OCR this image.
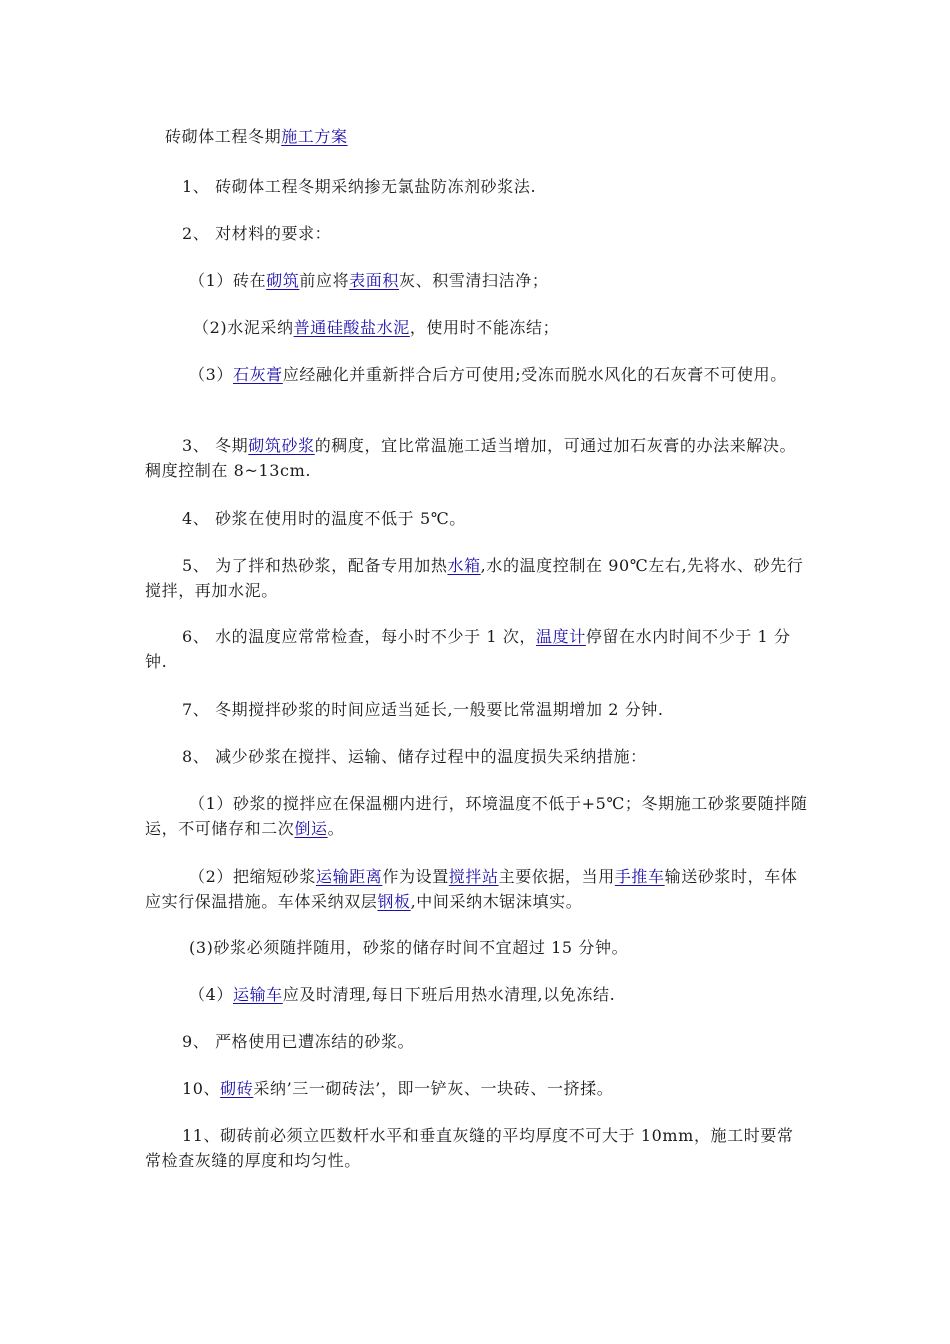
砖砌体工程冬期施工方案

1、 砖砌体工程冬期采纳掺无氯盐防冻剂砂浆法.

2、 对材料的要求：

（1）砖在砌筑前应将表面积灰、积雪清扫洁净；

（2)水泥采纳普通硅酸盐水泥，使用时不能冻结；

（3）石灰膏应经融化并重新拌合后方可使用;受冻而脱水风化的石灰膏不可使用。

3、 冬期砌筑砂浆的稠度，宜比常温施工适当增加，可通过加石灰膏的办法来解决。稠度控制在 8~13cm.

4、 砂浆在使用时的温度不低于 5℃。

5、 为了拌和热砂浆，配备专用加热水箱,水的温度控制在 90℃左右,先将水、砂先行搅拌，再加水泥。

6、 水的温度应常常检查，每小时不少于 1 次，温度计停留在水内时间不少于 1 分钟.

7、 冬期搅拌砂浆的时间应适当延长,一般要比常温期增加 2 分钟.

8、 减少砂浆在搅拌、运输、储存过程中的温度损失采纳措施：

（1）砂浆的搅拌应在保温棚内进行，环境温度不低于+5℃；冬期施工砂浆要随拌随运，不可储存和二次倒运。

（2）把缩短砂浆运输距离作为设置搅拌站主要依据，当用手推车输送砂浆时，车体应实行保温措施。车体采纳双层钢板,中间采纳木锯沫填实。

(3)砂浆必须随拌随用，砂浆的储存时间不宜超过 15 分钟。

（4）运输车应及时清理,每日下班后用热水清理,以免冻结.

9、 严格使用已遭冻结的砂浆。

10、砌砖采纳’三一砌砖法’，即一铲灰、一块砖、一挤揉。

11、砌砖前必须立匹数杆水平和垂直灰缝的平均厚度不可大于 10mm，施工时要常常检查灰缝的厚度和均匀性。
